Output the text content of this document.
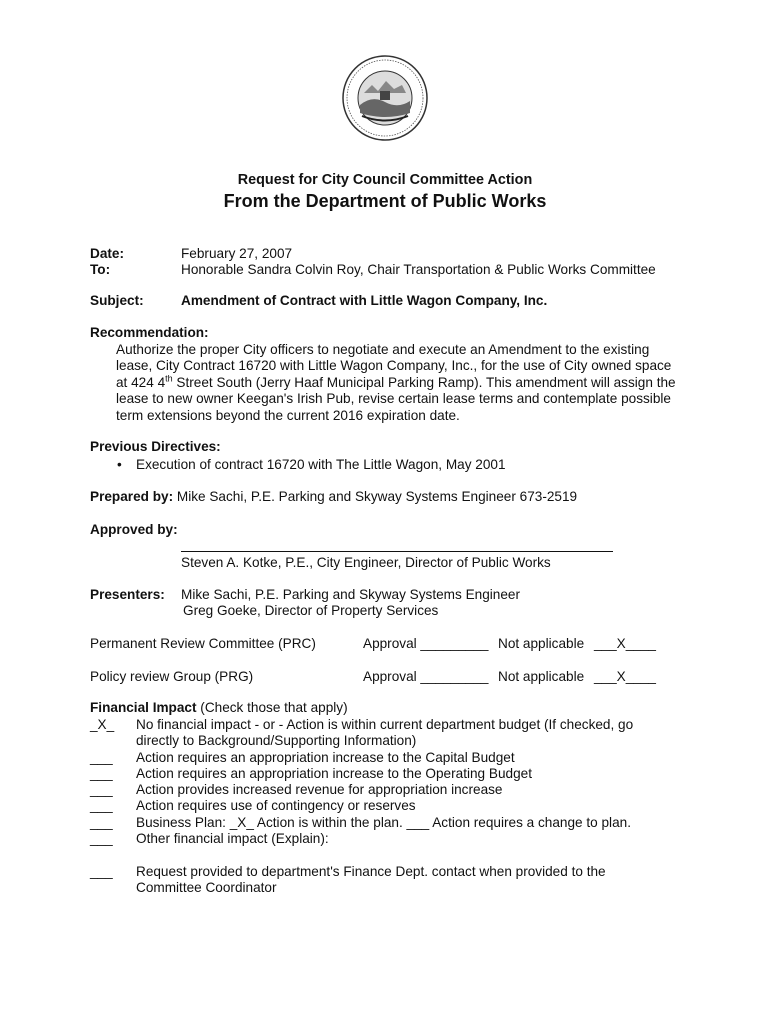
Request for City Council Committee Action
From the Department of Public Works
Date:	February 27, 2007
To:	Honorable Sandra Colvin Roy, Chair Transportation & Public Works Committee
Subject:	Amendment of Contract with Little Wagon Company, Inc.
Recommendation:
Authorize the proper City officers to negotiate and execute an Amendment to the existing lease, City Contract 16720 with Little Wagon Company, Inc., for the use of City owned space at 424 4th Street South (Jerry Haaf Municipal Parking Ramp). This amendment will assign the lease to new owner Keegan's Irish Pub, revise certain lease terms and contemplate possible term extensions beyond the current 2016 expiration date.
Previous Directives:
• Execution of contract 16720 with The Little Wagon, May 2001
Prepared by: Mike Sachi, P.E. Parking and Skyway Systems Engineer 673-2519
Approved by:
Steven A. Kotke, P.E., City Engineer, Director of Public Works
Presenters: Mike Sachi, P.E. Parking and Skyway Systems Engineer
Greg Goeke, Director of Property Services
Permanent Review Committee (PRC)	Approval _________ Not applicable ___X____
Policy review Group (PRG)	Approval _________ Not applicable ___X____
Financial Impact (Check those that apply)
_X_ No financial impact - or - Action is within current department budget (If checked, go
directly to Background/Supporting Information)
___ Action requires an appropriation increase to the Capital Budget
___ Action requires an appropriation increase to the Operating Budget
___ Action provides increased revenue for appropriation increase
___ Action requires use of contingency or reserves
___ Business Plan: _X_ Action is within the plan. ___ Action requires a change to plan.
___ Other financial impact (Explain):
___ Request provided to department's Finance Dept. contact when provided to the
Committee Coordinator
